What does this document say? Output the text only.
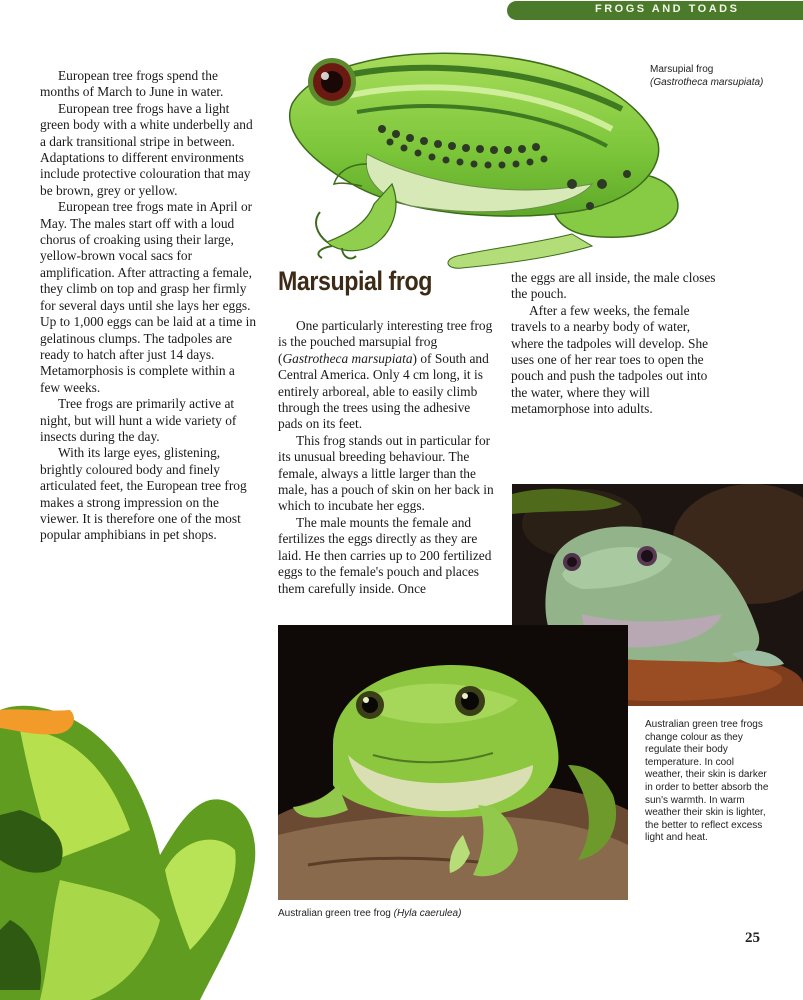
FROGS AND TOADS
Marsupial frog (Gastrotheca marsupiata)

European tree frogs spend the months of March to June in water.

European tree frogs have a light green body with a white underbelly and a dark transitional stripe in between. Adaptations to different environments include protective colouration that may be brown, grey or yellow.

European tree frogs mate in April or May. The males start off with a loud chorus of croaking using their large, yellow-brown vocal sacs for amplification. After attracting a female, they climb on top and grasp her firmly for several days until she lays her eggs. Up to 1,000 eggs can be laid at a time in gelatinous clumps. The tadpoles are ready to hatch after just 14 days. Metamorphosis is complete within a few weeks.

Tree frogs are primarily active at night, but will hunt a wide variety of insects during the day.

With its large eyes, glistening, brightly coloured body and finely articulated feet, the European tree frog makes a strong impression on the viewer. It is therefore one of the most popular amphibians in pet shops.

Marsupial frog

One particularly interesting tree frog is the pouched marsupial frog (Gastrotheca marsupiata) of South and Central America. Only 4 cm long, it is entirely arboreal, able to easily climb through the trees using the adhesive pads on its feet.

This frog stands out in particular for its unusual breeding behaviour. The female, always a little larger than the male, has a pouch of skin on her back in which to incubate her eggs.

The male mounts the female and fertilizes the eggs directly as they are laid. He then carries up to 200 fertilized eggs to the female's pouch and places them carefully inside. Once

the eggs are all inside, the male closes the pouch.

After a few weeks, the female travels to a nearby body of water, where the tadpoles will develop. She uses one of her rear toes to open the pouch and push the tadpoles out into the water, where they will metamorphose into adults.

Australian green tree frogs change colour as they regulate their body temperature. In cool weather, their skin is darker in order to better absorb the sun's warmth. In warm weather their skin is lighter, the better to reflect excess light and heat.
Australian green tree frog (Hyla caerulea)
25
